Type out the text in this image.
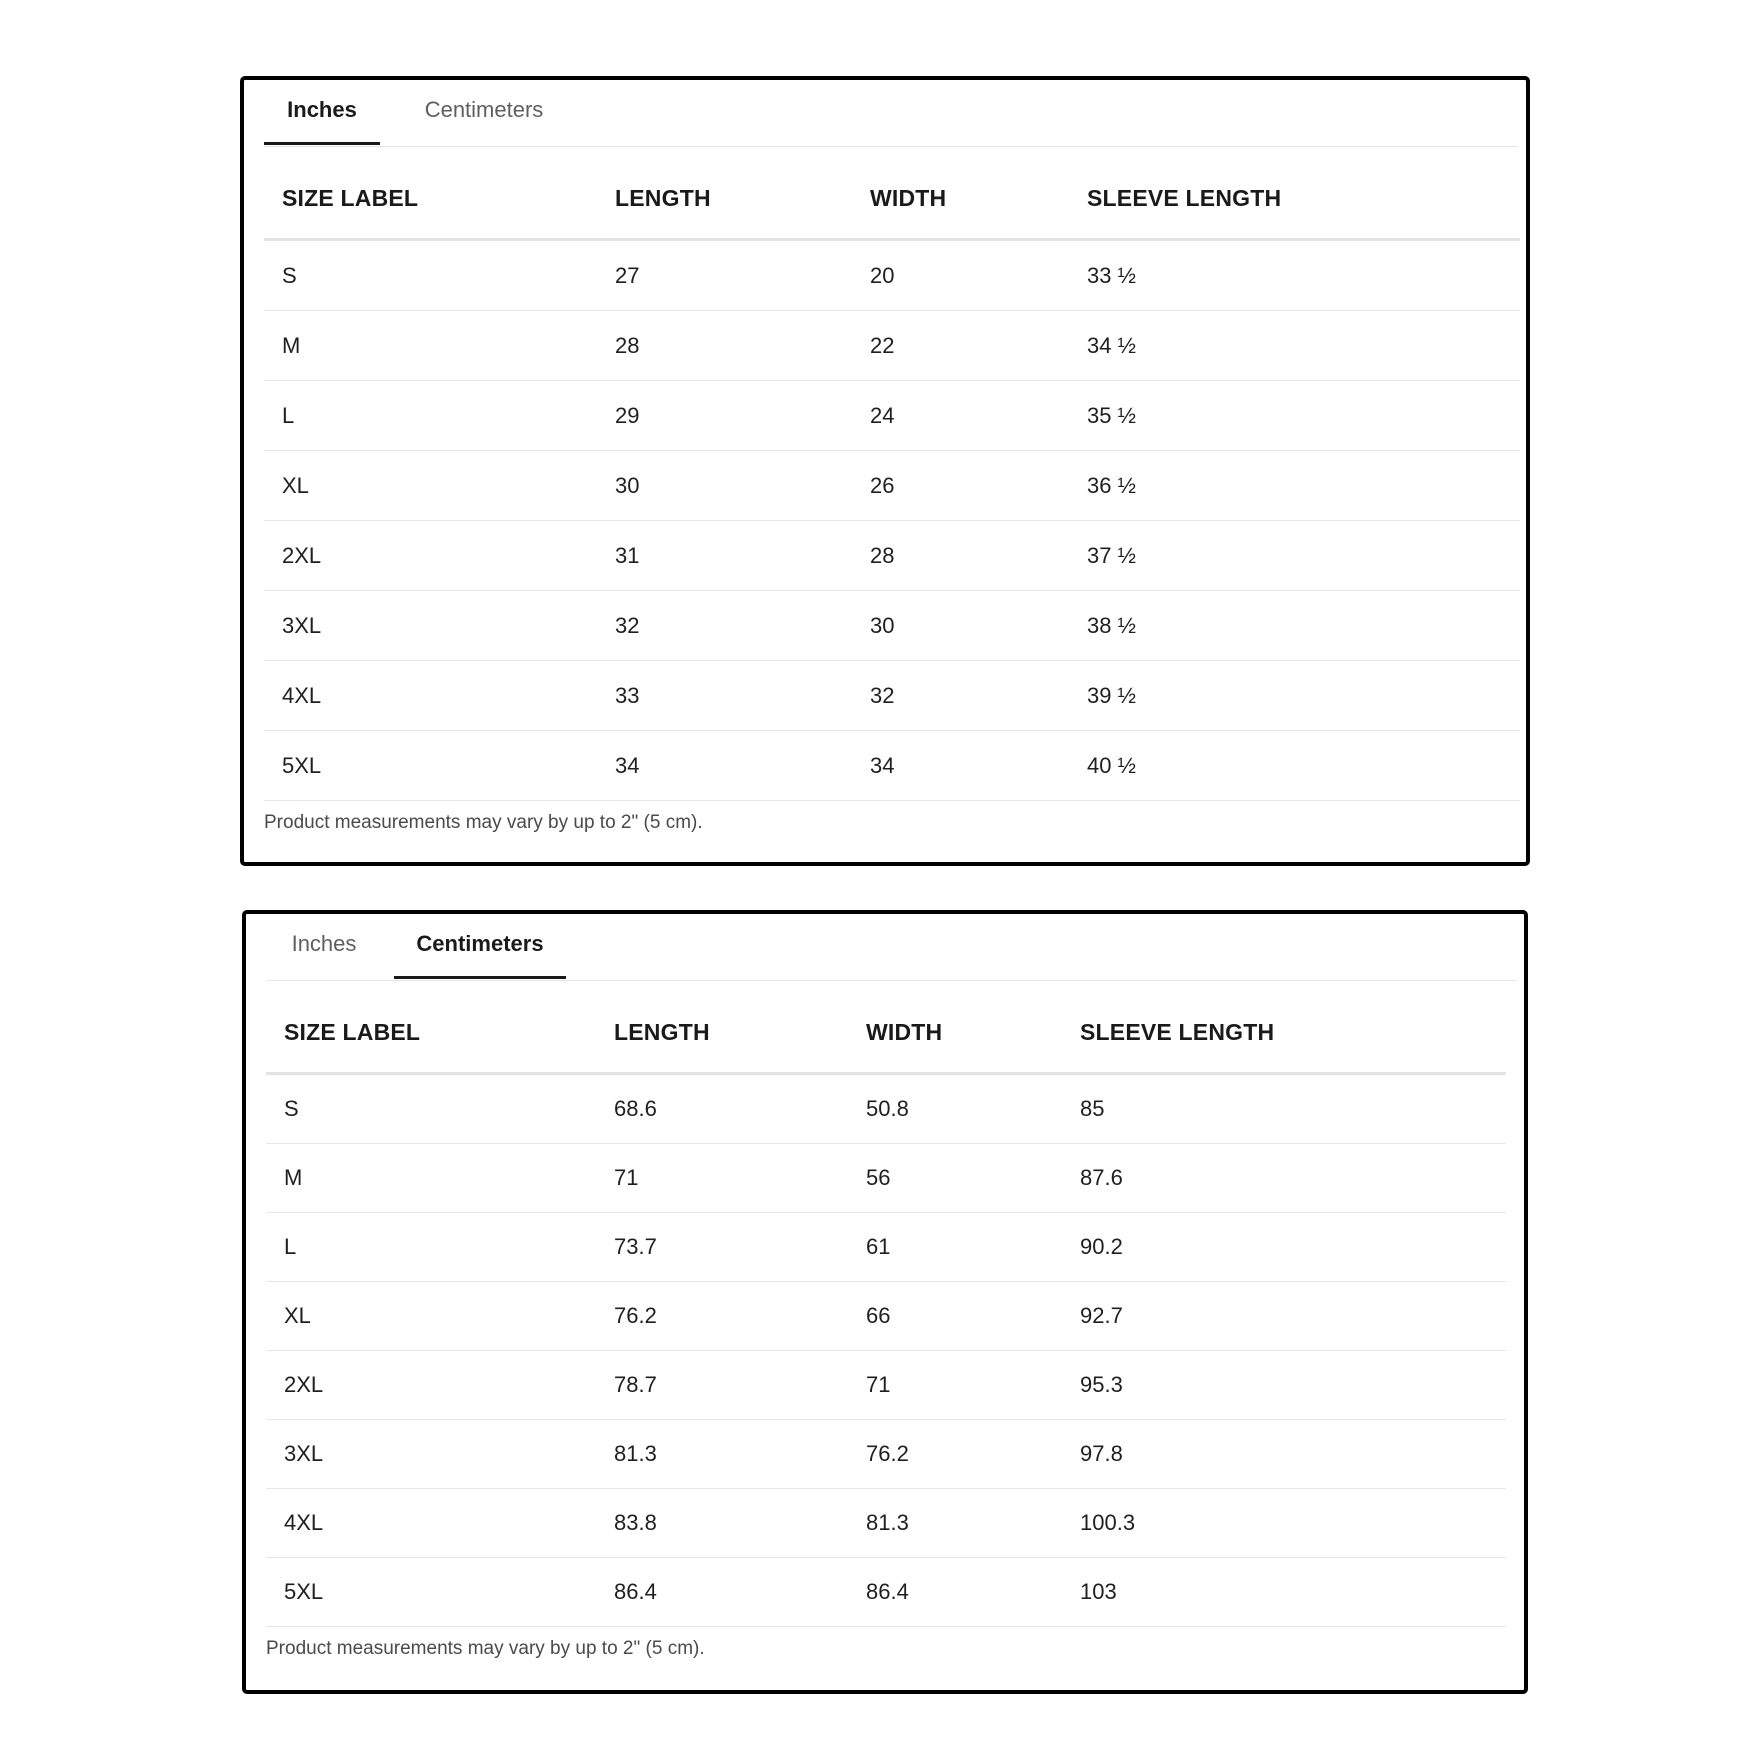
Inches	Centimeters
SIZE LABEL	LENGTH	WIDTH	SLEEVE LENGTH
S	27	20	33 ½
M	28	22	34 ½
L	29	24	35 ½
XL	30	26	36 ½
2XL	31	28	37 ½
3XL	32	30	38 ½
4XL	33	32	39 ½
5XL	34	34	40 ½
Product measurements may vary by up to 2" (5 cm).
Inches	Centimeters
SIZE LABEL	LENGTH	WIDTH	SLEEVE LENGTH
S	68.6	50.8	85
M	71	56	87.6
L	73.7	61	90.2
XL	76.2	66	92.7
2XL	78.7	71	95.3
3XL	81.3	76.2	97.8
4XL	83.8	81.3	100.3
5XL	86.4	86.4	103
Product measurements may vary by up to 2" (5 cm).
